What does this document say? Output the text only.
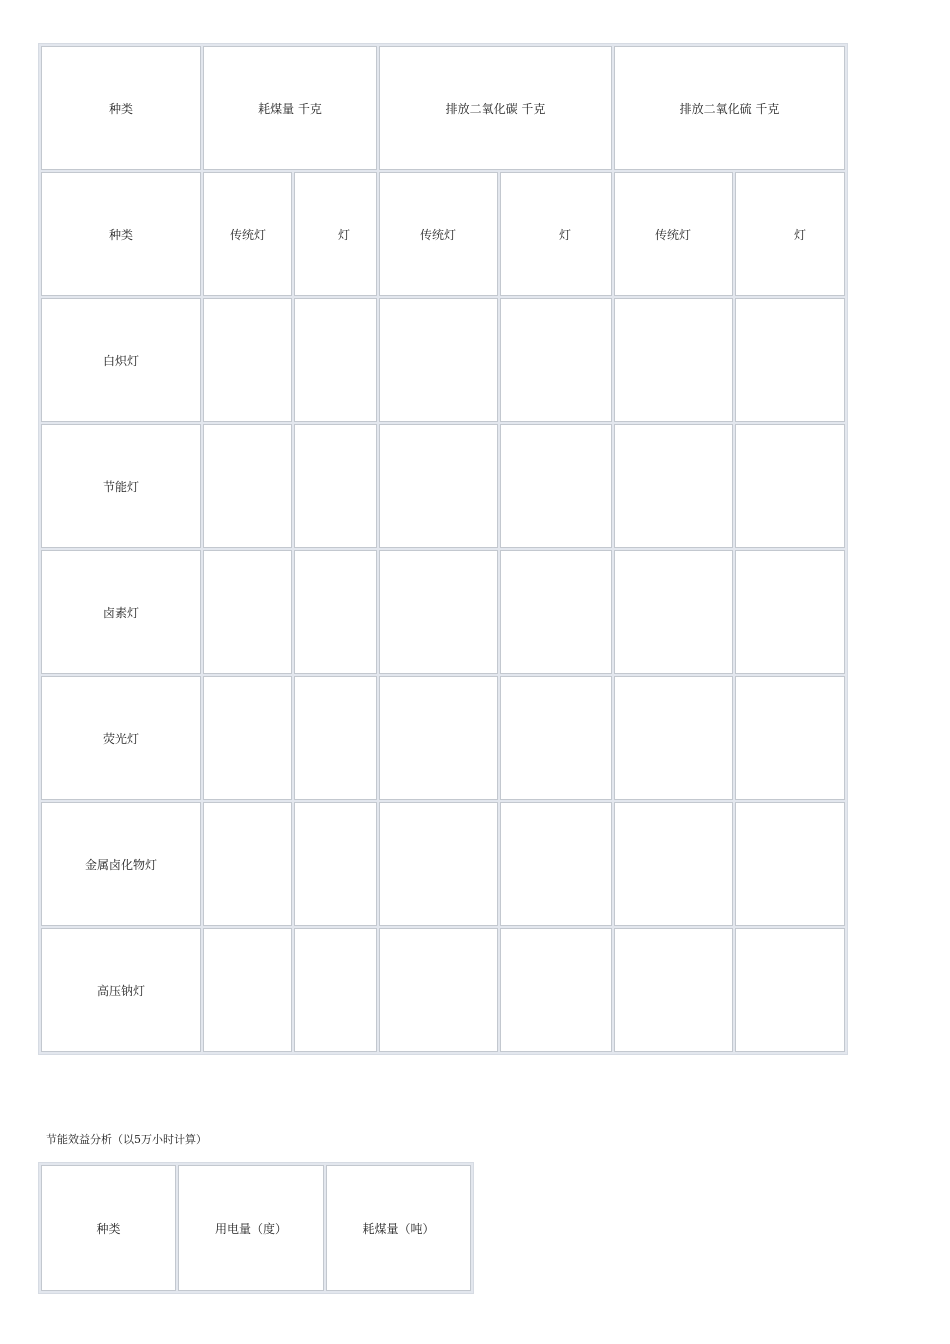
种类	耗煤量 千克		排放二氧化碳 千克		排放二氧化硫 千克	

种类	传统灯	灯	传统灯	灯	传统灯	灯

白炽灯						

节能灯						

卤素灯						

荧光灯						

金属卤化物灯						

高压钠灯						

节能效益分析（以5万小时计算）
种类	用电量（度）	耗煤量（吨）
